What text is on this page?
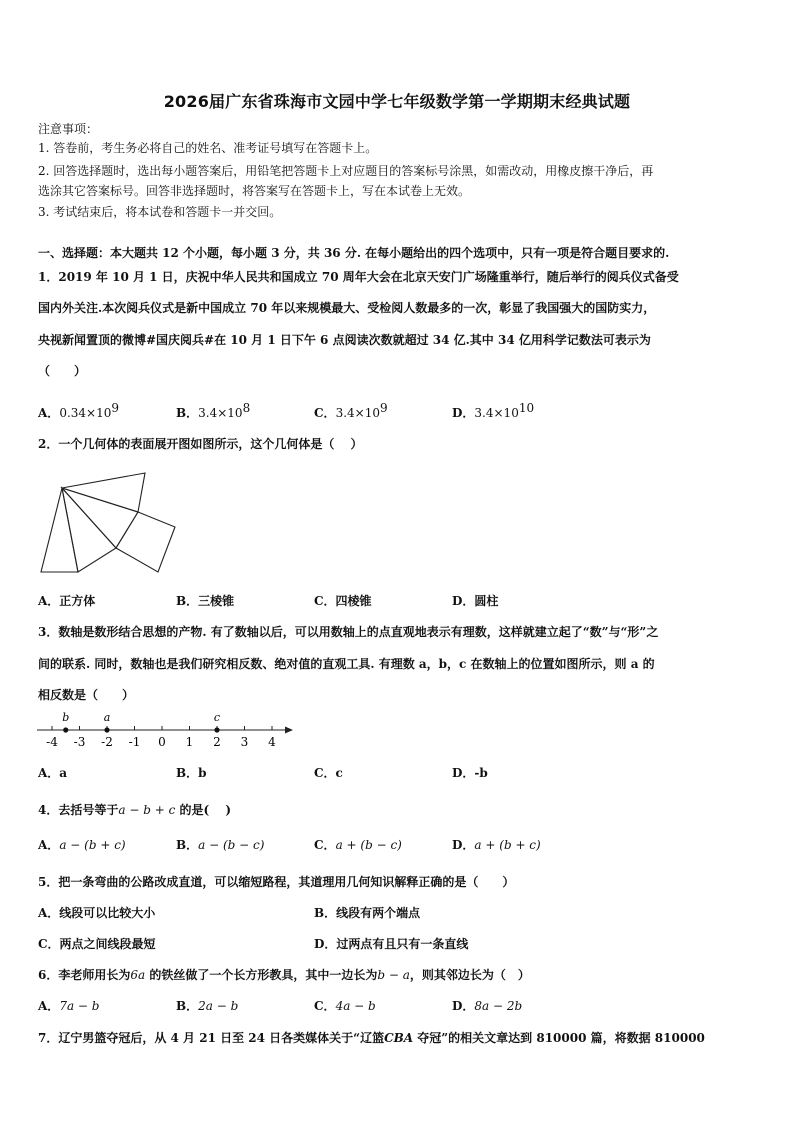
2026届广东省珠海市文园中学七年级数学第一学期期末经典试题
注意事项：
1. 答卷前，考生务必将自己的姓名、准考证号填写在答题卡上。
2. 回答选择题时，选出每小题答案后，用铅笔把答题卡上对应题目的答案标号涂黑，如需改动，用橡皮擦干净后，再
选涂其它答案标号。回答非选择题时，将答案写在答题卡上，写在本试卷上无效。
3. 考试结束后，将本试卷和答题卡一并交回。
一、选择题：本大题共 12 个小题，每小题 3 分，共 36 分. 在每小题给出的四个选项中，只有一项是符合题目要求的.
1．2019 年 10 月 1 日，庆祝中华人民共和国成立 70 周年大会在北京天安门广场隆重举行，随后举行的阅兵仪式备受
国内外关注.本次阅兵仪式是新中国成立 70 年以来规模最大、受检阅人数最多的一次，彰显了我国强大的国防实力，
央视新闻置顶的微博#国庆阅兵#在 10 月 1 日下午 6 点阅读次数就超过 34 亿.其中 34 亿用科学记数法可表示为
（　　）
A．$0.34\times 10^9$	B．$3.4\times 10^8$	C．$3.4\times 10^9$	D．$3.4\times 10^{10}$
2．一个几何体的表面展开图如图所示，这个几何体是（　 ）
A．正方体	B．三棱锥	C．四棱锥	D．圆柱
3．数轴是数形结合思想的产物. 有了数轴以后，可以用数轴上的点直观地表示有理数，这样就建立起了“数”与“形”之
间的联系. 同时，数轴也是我们研究相反数、绝对值的直观工具. 有理数 a，b，c 在数轴上的位置如图所示，则 a 的
相反数是（　　）
-4 -3 -2 -1 0 1 2 3 4
b	a	c
A．a	B．b	C．c	D．-b
4．去括号等于a − b + c 的是(　 )
A．a − (b + c)	B．a − (b − c)	C．a + (b − c)	D．a + (b + c)
5．把一条弯曲的公路改成直道，可以缩短路程，其道理用几何知识解释正确的是（　　）
A．线段可以比较大小	B．线段有两个端点
C．两点之间线段最短	D．过两点有且只有一条直线
6．李老师用长为6a 的铁丝做了一个长方形教具，其中一边长为b − a，则其邻边长为（　）
A．7a − b	B．2a − b	C．4a − b	D．8a − 2b
7．辽宁男篮夺冠后，从 4 月 21 日至 24 日各类媒体关于“辽篮CBA 夺冠”的相关文章达到 810000 篇，将数据 810000
